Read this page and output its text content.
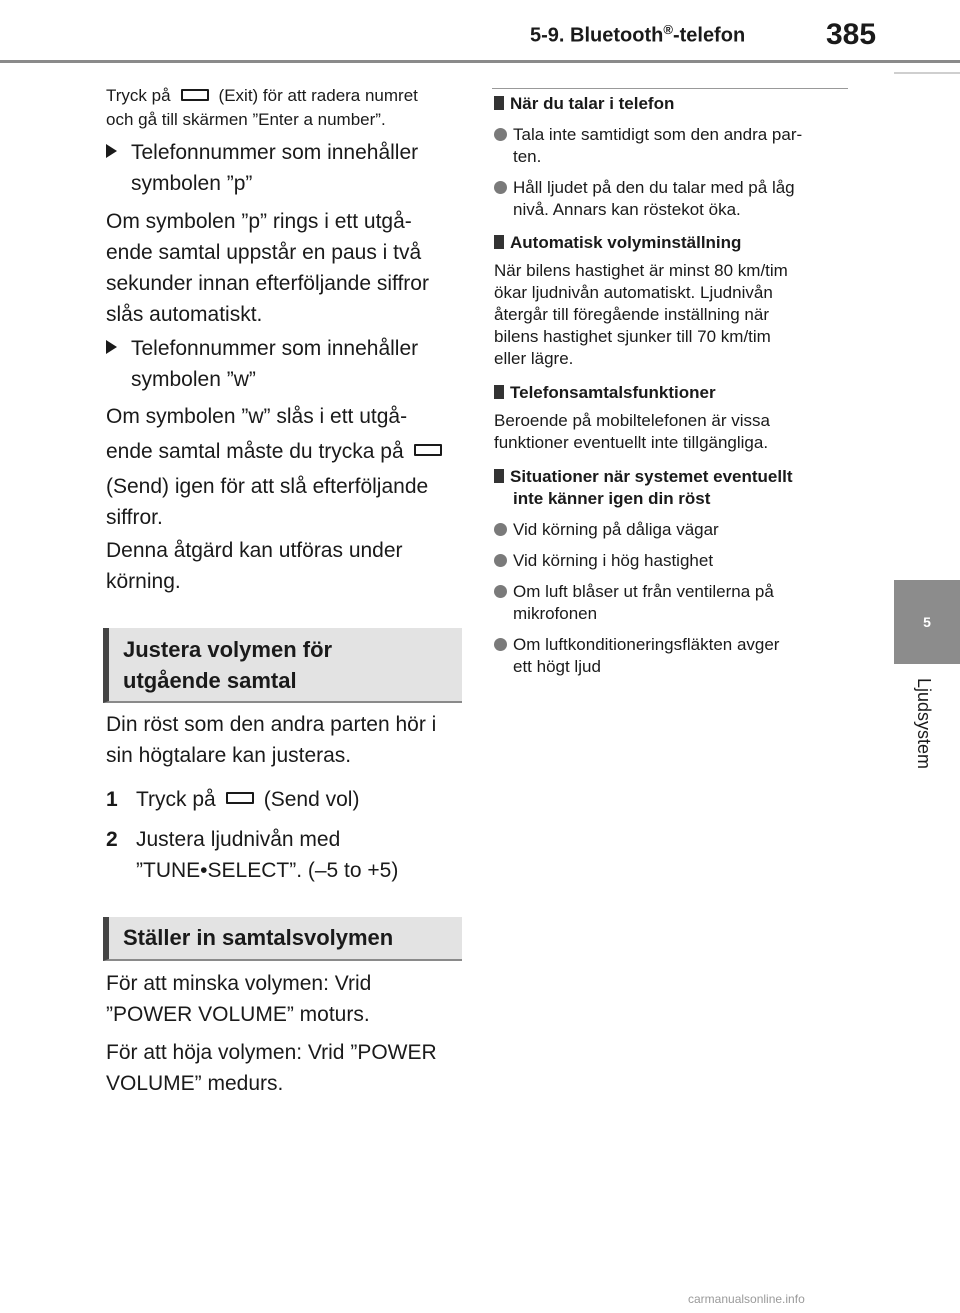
5-9. Bluetooth®-telefon	385
5
Ljudsystem
Tryck på	(Exit) för att radera numret
och gå till skärmen ”Enter a number”.
Telefonnummer som innehåller
symbolen ”p”
Om symbolen ”p” rings i ett utgå-
ende samtal uppstår en paus i två
sekunder innan efterföljande siffror
slås automatiskt.
Telefonnummer som innehåller
symbolen ”w”
Om symbolen ”w” slås i ett utgå-
ende samtal måste du trycka på
(Send) igen för att slå efterföljande
siffror.
Denna åtgärd kan utföras under
körning.
Justera volymen för
utgående samtal
Din röst som den andra parten hör i
sin högtalare kan justeras.
1 Tryck på (Send vol)
2 Justera ljudnivån med
”TUNE•SELECT”. (–5 to +5)
Ställer in samtalsvolymen
För att minska volymen: Vrid
”POWER VOLUME” moturs.
För att höja volymen: Vrid ”POWER
VOLUME” medurs.
När du talar i telefon
Tala inte samtidigt som den andra par-
ten.
Håll ljudet på den du talar med på låg
nivå. Annars kan röstekot öka.
Automatisk volyminställning
När bilens hastighet är minst 80 km/tim
ökar ljudnivån automatiskt. Ljudnivån
återgår till föregående inställning när
bilens hastighet sjunker till 70 km/tim
eller lägre.
Telefonsamtalsfunktioner
Beroende på mobiltelefonen är vissa
funktioner eventuellt inte tillgängliga.
Situationer när systemet eventuellt
inte känner igen din röst
Vid körning på dåliga vägar
Vid körning i hög hastighet
Om luft blåser ut från ventilerna på
mikrofonen
Om luftkonditioneringsfläkten avger
ett högt ljud
carmanualsonline.info
